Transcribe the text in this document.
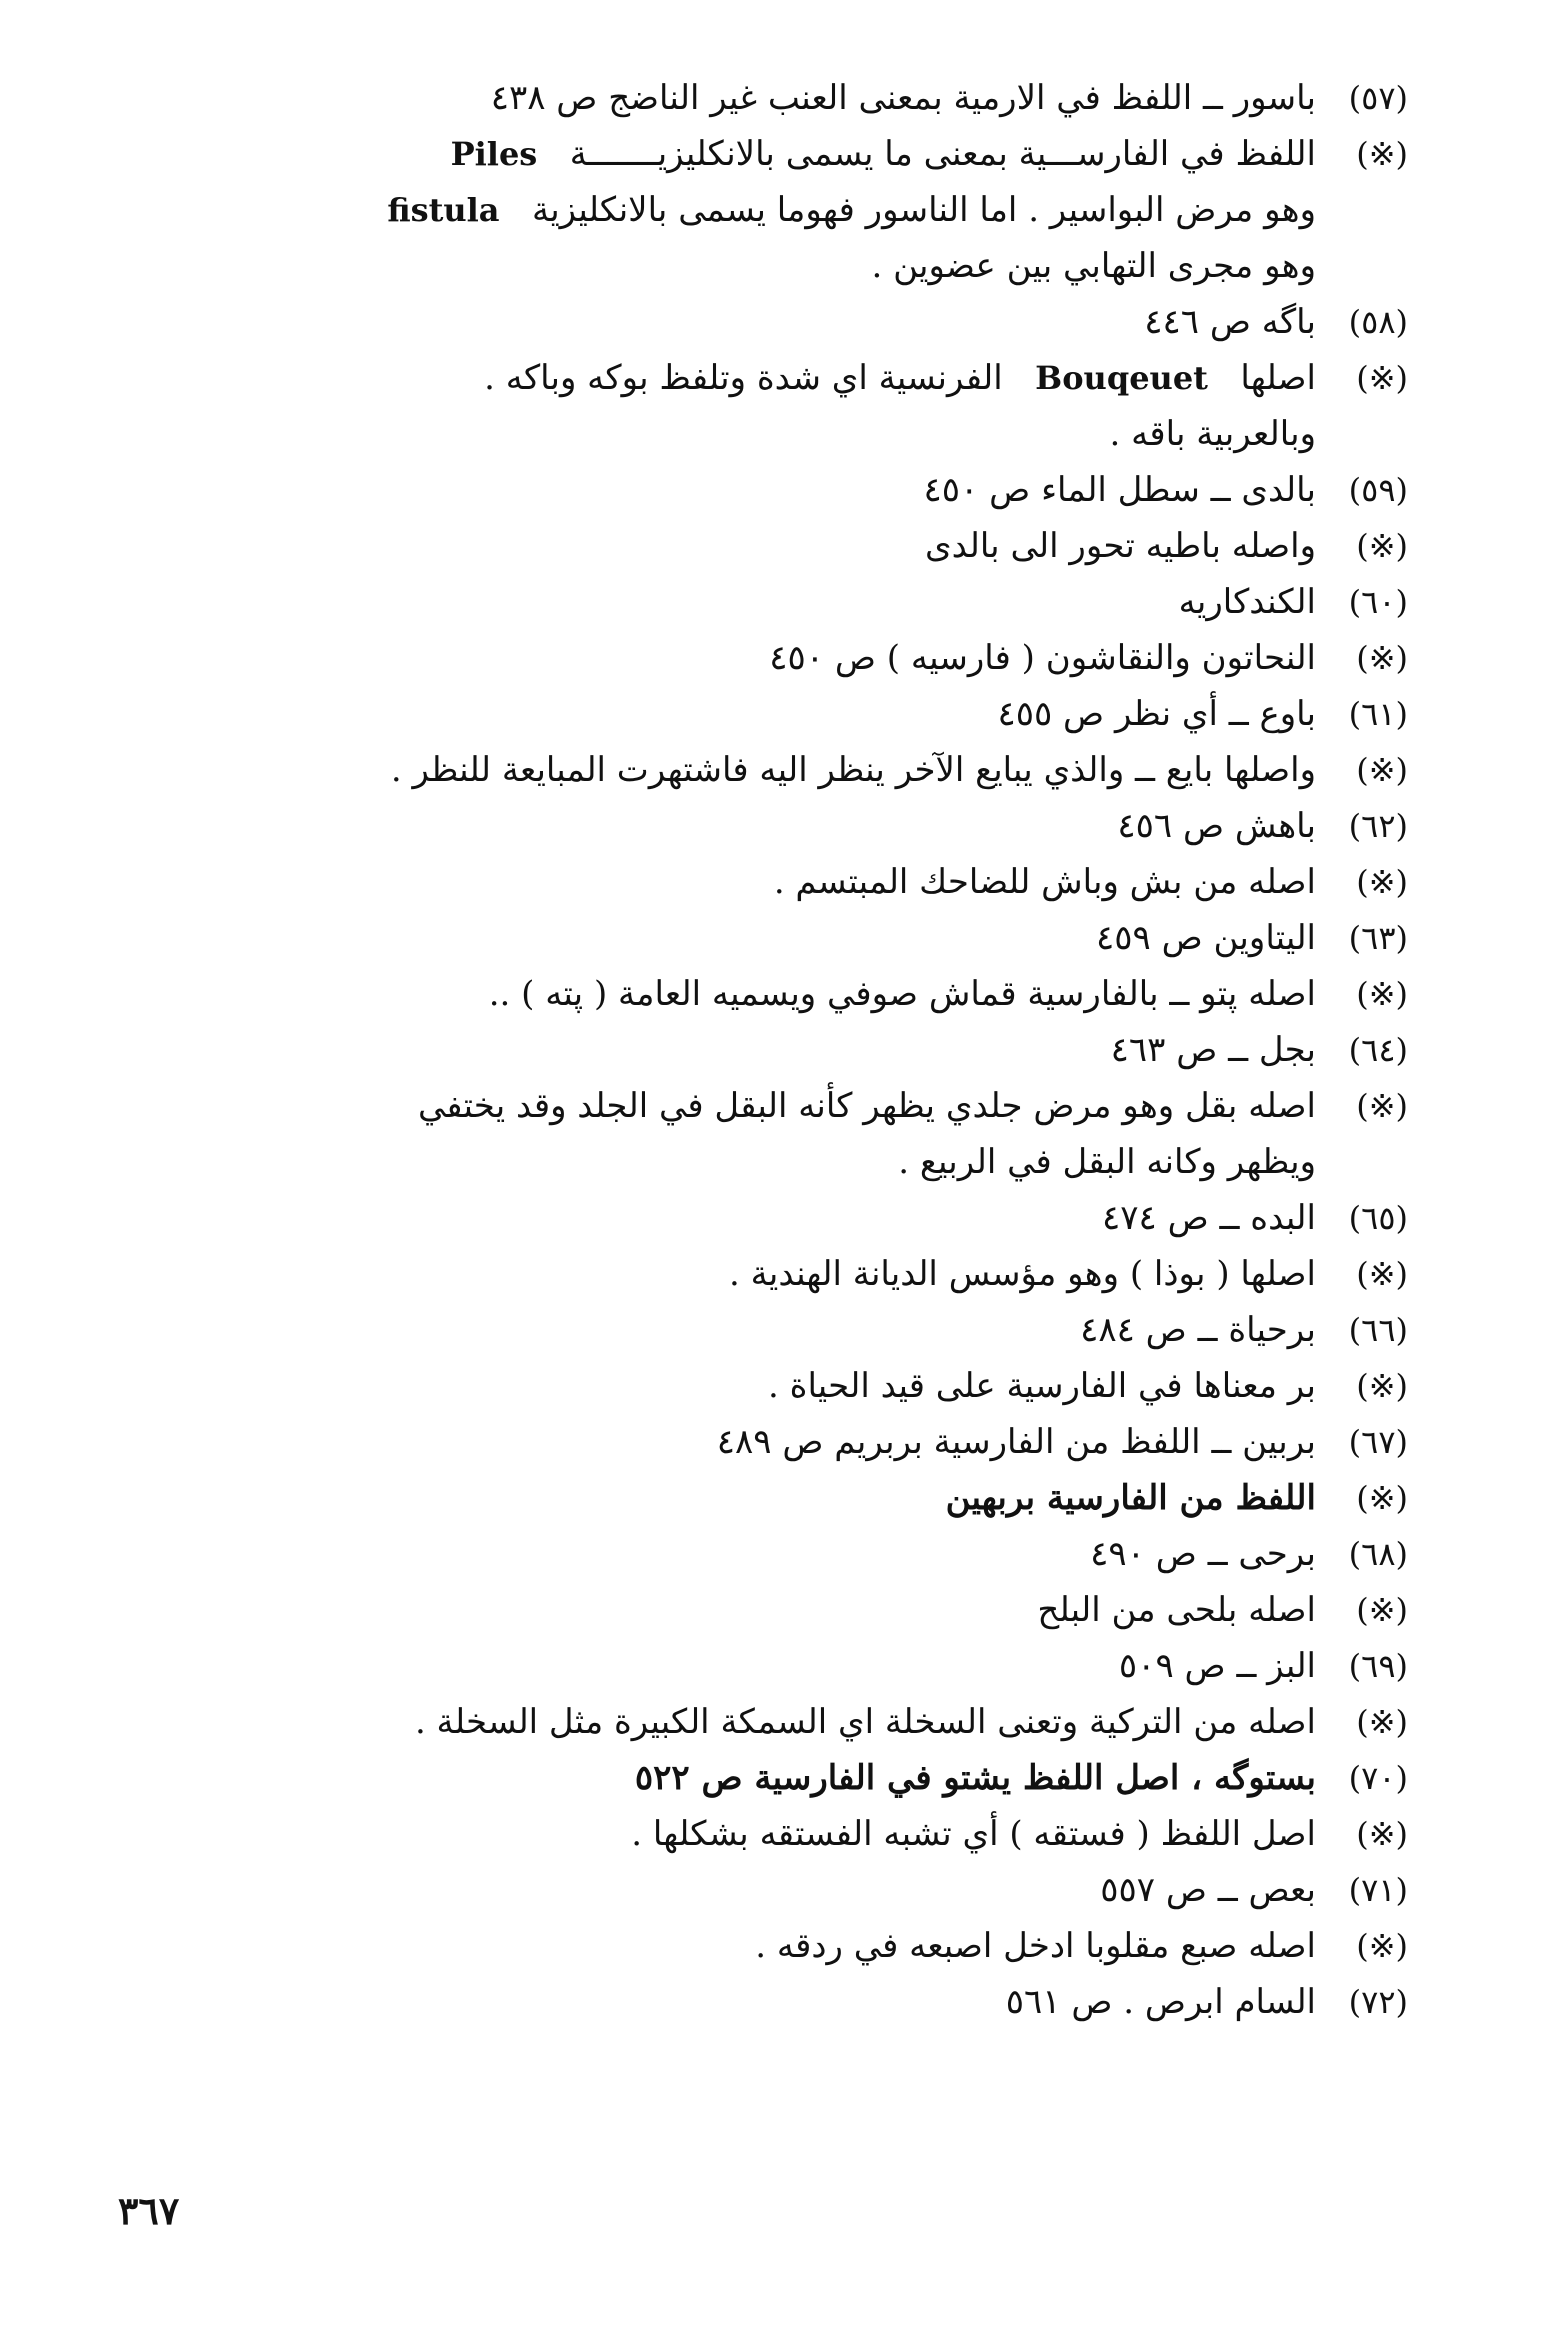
(٥٧)
باسور ــ اللفظ في الارمية بمعنى العنب غير الناضج ص ٤٣٨
(※)
اللفظ في الفارســـية بمعنى ما يسمى بالانكليزيـــــــة   Piles
وهو مرض البواسير . اما الناسور فهوما يسمى بالانكليزية   fistula
وهو مجرى التهابي بين عضوين .
(٥٨)
باگه ص ٤٤٦
(※)
اصلها   Bouqeuet   الفرنسية اي شدة وتلفظ بوكه وباكه .
وبالعربية باقه .
(٥٩)
بالدى ــ سطل الماء ص ٤٥٠
(※)
واصله باطيه تحور الى بالدى
(٦٠)
الكندكاريه
(※)
النحاتون والنقاشون ( فارسيه ) ص ٤٥٠
(٦١)
باوع ــ أي نظر ص ٤٥٥
(※)
واصلها بايع ــ والذي يبايع الآخر ينظر اليه فاشتهرت المبايعة للنظر .
(٦٢)
باهش ص ٤٥٦
(※)
اصله من بش وباش للضاحك المبتسم .
(٦٣)
اليتاوين ص ٤٥٩
(※)
اصله پتو ــ بالفارسية قماش صوفي ويسميه العامة ( پته ) ..
(٦٤)
بجل ــ ص ٤٦٣
(※)
اصله بقل وهو مرض جلدي يظهر كأنه البقل في الجلد وقد يختفي
ويظهر وكانه البقل في الربيع .
(٦٥)
البده ــ ص ٤٧٤
(※)
اصلها ( بوذا ) وهو مؤسس الديانة الهندية .
(٦٦)
برحياة ــ ص ٤٨٤
(※)
بر معناها في الفارسية على قيد الحياة .
(٦٧)
بربين ــ اللفظ من الفارسية بربريم ص ٤٨٩
(※)
اللفظ من الفارسية بربهين
(٦٨)
برحى ــ ص ٤٩٠
(※)
اصله بلحى من البلح
(٦٩)
البز ــ ص ٥٠٩
(※)
اصله من التركية وتعنى السخلة اي السمكة الكبيرة مثل السخلة .
(٧٠)
بستوگه ، اصل اللفظ يشتو في الفارسية ص ٥٢٢
(※)
اصل اللفظ ( فستقه ) أي تشبه الفستقه بشكلها .
(٧١)
بعص ــ ص ٥٥٧
(※)
اصله صبع مقلوبا ادخل اصبعه في ردقه .
(٧٢)
السام ابرص . ص ٥٦١
٣٦٧
